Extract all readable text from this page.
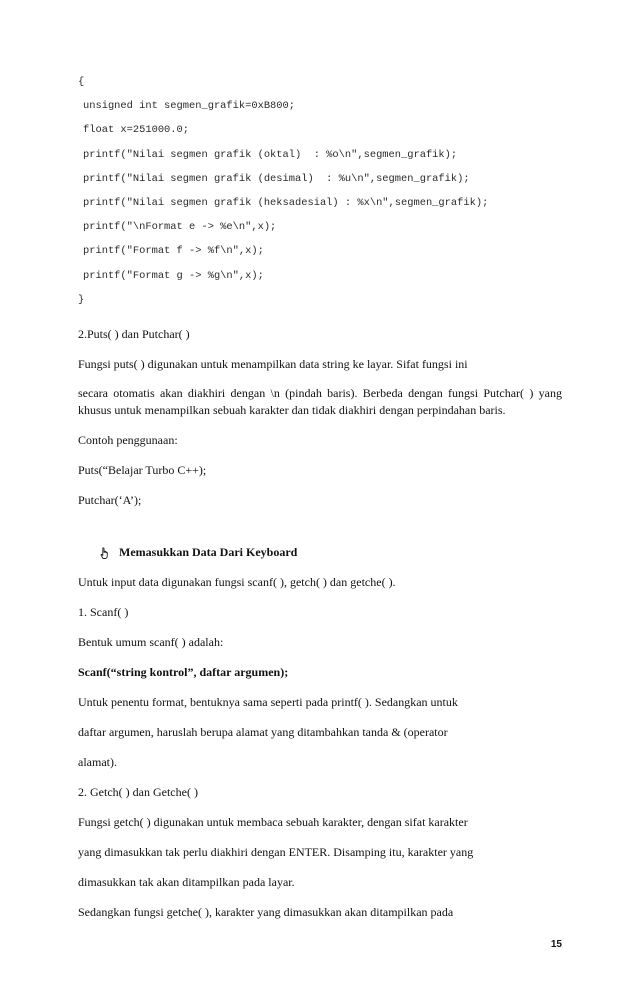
{
unsigned int segmen_grafik=0xB800;
float x=251000.0;
printf("Nilai segmen grafik (oktal)  : %o\n",segmen_grafik);
printf("Nilai segmen grafik (desimal)  : %u\n",segmen_grafik);
printf("Nilai segmen grafik (heksadesial) : %x\n",segmen_grafik);
printf("\nFormat e -> %e\n",x);
printf("Format f -> %f\n",x);
printf("Format g -> %g\n",x);
}

2.Puts( ) dan Putchar( )

Fungsi puts( ) digunakan untuk menampilkan data string ke layar. Sifat fungsi ini

secara otomatis akan diakhiri dengan \n (pindah baris). Berbeda dengan fungsi Putchar( ) yang khusus untuk menampilkan sebuah karakter dan tidak diakhiri dengan perpindahan baris.

Contoh penggunaan:

Puts(“Belajar Turbo C++);

Putchar(‘A’);

Memasukkan Data Dari Keyboard

Untuk input data digunakan fungsi scanf( ), getch( ) dan getche( ).

1. Scanf( )

Bentuk umum scanf( ) adalah:

Scanf(“string kontrol”, daftar argumen);

Untuk penentu format, bentuknya sama seperti pada printf( ). Sedangkan untuk

daftar argumen, haruslah berupa alamat yang ditambahkan tanda & (operator

alamat).

2. Getch( ) dan Getche( )

Fungsi getch( ) digunakan untuk membaca sebuah karakter, dengan sifat karakter

yang dimasukkan tak perlu diakhiri dengan ENTER. Disamping itu, karakter yang

dimasukkan tak akan ditampilkan pada layar.

Sedangkan fungsi getche( ), karakter yang dimasukkan akan ditampilkan pada

15
